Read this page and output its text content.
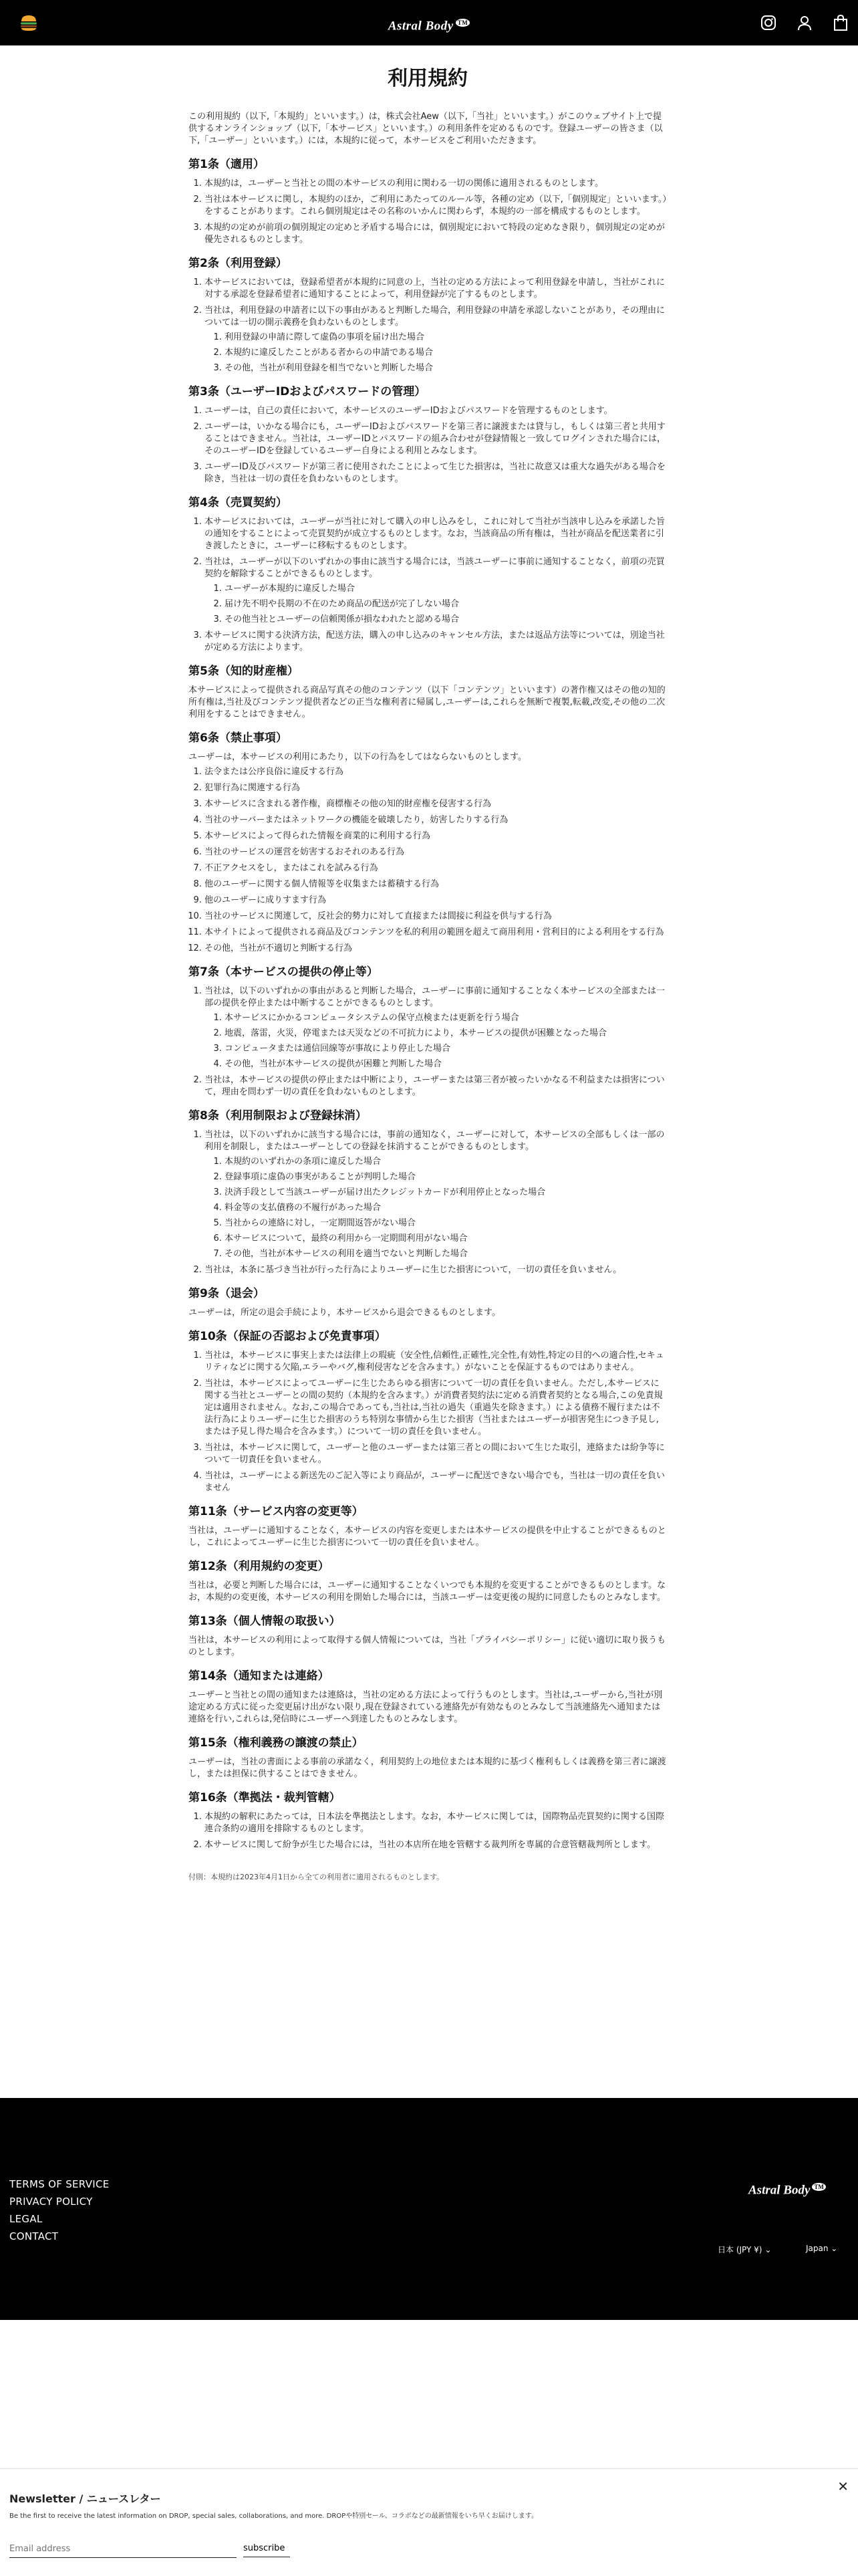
Astral Body ™
利用規約

この利用規約（以下,「本規約」といいます。）は，株式会社Aew（以下,「当社」といいます。）がこのウェブサイト上で提供するオンラインショップ（以下,「本サービス」といいます。）の利用条件を定めるものです。登録ユーザーの皆さま（以下,「ユーザー」といいます。）には，本規約に従って，本サービスをご利用いただきます。

第1条（適用）
1. 本規約は，ユーザーと当社との間の本サービスの利用に関わる一切の関係に適用されるものとします。
2. 当社は本サービスに関し，本規約のほか，ご利用にあたってのルール等，各種の定め（以下,「個別規定」といいます。）をすることがあります。これら個別規定はその名称のいかんに関わらず，本規約の一部を構成するものとします。
3. 本規約の定めが前項の個別規定の定めと矛盾する場合には，個別規定において特段の定めなき限り，個別規定の定めが優先されるものとします。
第2条（利用登録）
1. 本サービスにおいては，登録希望者が本規約に同意の上，当社の定める方法によって利用登録を申請し，当社がこれに対する承認を登録希望者に通知することによって，利用登録が完了するものとします。
2. 当社は，利用登録の申請者に以下の事由があると判断した場合，利用登録の申請を承認しないことがあり，その理由については一切の開示義務を負わないものとします。
1. 利用登録の申請に際して虚偽の事項を届け出た場合
2. 本規約に違反したことがある者からの申請である場合
3. その他，当社が利用登録を相当でないと判断した場合
第3条（ユーザーIDおよびパスワードの管理）
1. ユーザーは，自己の責任において，本サービスのユーザーIDおよびパスワードを管理するものとします。
2. ユーザーは，いかなる場合にも，ユーザーIDおよびパスワードを第三者に譲渡または貸与し，もしくは第三者と共用することはできません。当社は，ユーザーIDとパスワードの組み合わせが登録情報と一致してログインされた場合には，そのユーザーIDを登録しているユーザー自身による利用とみなします。
3. ユーザーID及びパスワードが第三者に使用されたことによって生じた損害は，当社に故意又は重大な過失がある場合を除き，当社は一切の責任を負わないものとします。
第4条（売買契約）
1. 本サービスにおいては，ユーザーが当社に対して購入の申し込みをし，これに対して当社が当該申し込みを承諾した旨の通知をすることによって売買契約が成立するものとします。なお，当該商品の所有権は，当社が商品を配送業者に引き渡したときに，ユーザーに移転するものとします。
2. 当社は，ユーザーが以下のいずれかの事由に該当する場合には，当該ユーザーに事前に通知することなく，前項の売買契約を解除することができるものとします。
1. ユーザーが本規約に違反した場合
2. 届け先不明や長期の不在のため商品の配送が完了しない場合
3. その他当社とユーザーの信頼関係が損なわれたと認める場合
3. 本サービスに関する決済方法，配送方法，購入の申し込みのキャンセル方法，または返品方法等については，別途当社が定める方法によります。
第5条（知的財産権）

本サービスによって提供される商品写真その他のコンテンツ（以下「コンテンツ」といいます）の著作権又はその他の知的所有権は,当社及びコンテンツ提供者などの正当な権利者に帰属し,ユーザーは,これらを無断で複製,転載,改変,その他の二次利用をすることはできません。

第6条（禁止事項）

ユーザーは，本サービスの利用にあたり，以下の行為をしてはならないものとします。

1. 法令または公序良俗に違反する行為
2. 犯罪行為に関連する行為
3. 本サービスに含まれる著作権，商標権その他の知的財産権を侵害する行為
4. 当社のサーバーまたはネットワークの機能を破壊したり，妨害したりする行為
5. 本サービスによって得られた情報を商業的に利用する行為
6. 当社のサービスの運営を妨害するおそれのある行為
7. 不正アクセスをし，またはこれを試みる行為
8. 他のユーザーに関する個人情報等を収集または蓄積する行為
9. 他のユーザーに成りすます行為
10. 当社のサービスに関連して，反社会的勢力に対して直接または間接に利益を供与する行為
11. 本サイトによって提供される商品及びコンテンツを私的利用の範囲を超えて商用利用・営利目的による利用をする行為
12. その他，当社が不適切と判断する行為
第7条（本サービスの提供の停止等）
1. 当社は，以下のいずれかの事由があると判断した場合，ユーザーに事前に通知することなく本サービスの全部または一部の提供を停止または中断することができるものとします。
1. 本サービスにかかるコンピュータシステムの保守点検または更新を行う場合
2. 地震，落雷，火災，停電または天災などの不可抗力により，本サービスの提供が困難となった場合
3. コンピュータまたは通信回線等が事故により停止した場合
4. その他，当社が本サービスの提供が困難と判断した場合
2. 当社は，本サービスの提供の停止または中断により，ユーザーまたは第三者が被ったいかなる不利益または損害について，理由を問わず一切の責任を負わないものとします。
第8条（利用制限および登録抹消）
1. 当社は，以下のいずれかに該当する場合には，事前の通知なく，ユーザーに対して，本サービスの全部もしくは一部の利用を制限し，またはユーザーとしての登録を抹消することができるものとします。
1. 本規約のいずれかの条項に違反した場合
2. 登録事項に虚偽の事実があることが判明した場合
3. 決済手段として当該ユーザーが届け出たクレジットカードが利用停止となった場合
4. 料金等の支払債務の不履行があった場合
5. 当社からの連絡に対し，一定期間返答がない場合
6. 本サービスについて，最終の利用から一定期間利用がない場合
7. その他，当社が本サービスの利用を適当でないと判断した場合
2. 当社は，本条に基づき当社が行った行為によりユーザーに生じた損害について，一切の責任を負いません。
第9条（退会）

ユーザーは，所定の退会手続により，本サービスから退会できるものとします。

第10条（保証の否認および免責事項）
1. 当社は，本サービスに事実上または法律上の瑕疵（安全性,信頼性,正確性,完全性,有効性,特定の目的への適合性,セキュリティなどに関する欠陥,エラーやバグ,権利侵害などを含みます。）がないことを保証するものではありません。
2. 当社は，本サービスによってユーザーに生じたあらゆる損害について一切の責任を負いません。ただし,本サービスに関する当社とユーザーとの間の契約（本規約を含みます。）が消費者契約法に定める消費者契約となる場合,この免責規定は適用されません。なお,この場合であっても,当社は,当社の過失（重過失を除きます。）による債務不履行または不法行為によりユーザーに生じた損害のうち特別な事情から生じた損害（当社またはユーザーが損害発生につき予見し,または予見し得た場合を含みます。）について一切の責任を負いません。
3. 当社は，本サービスに関して，ユーザーと他のユーザーまたは第三者との間において生じた取引，連絡または紛争等について一切責任を負いません。
4. 当社は，ユーザーによる新送先のご記入等により商品が，ユーザーに配送できない場合でも，当社は一切の責任を負いません
第11条（サービス内容の変更等）

当社は，ユーザーに通知することなく，本サービスの内容を変更しまたは本サービスの提供を中止することができるものとし，これによってユーザーに生じた損害について一切の責任を負いません。

第12条（利用規約の変更）

当社は，必要と判断した場合には，ユーザーに通知することなくいつでも本規約を変更することができるものとします。なお，本規約の変更後，本サービスの利用を開始した場合には，当該ユーザーは変更後の規約に同意したものとみなします。

第13条（個人情報の取扱い）

当社は，本サービスの利用によって取得する個人情報については，当社「プライバシーポリシー」に従い適切に取り扱うものとします。

第14条（通知または連絡）

ユーザーと当社との間の通知または連絡は，当社の定める方法によって行うものとします。当社は,ユーザーから,当社が別途定める方式に従った変更届け出がない限り,現在登録されている連絡先が有効なものとみなして当該連絡先へ通知または連絡を行い,これらは,発信時にユーザーへ到達したものとみなします。

第15条（権利義務の譲渡の禁止）

ユーザーは，当社の書面による事前の承諾なく，利用契約上の地位または本規約に基づく権利もしくは義務を第三者に譲渡し，または担保に供することはできません。

第16条（準拠法・裁判管轄）
1. 本規約の解釈にあたっては，日本法を準拠法とします。なお，本サービスに関しては，国際物品売買契約に関する国際連合条約の適用を排除するものとします。
2. 本サービスに関して紛争が生じた場合には，当社の本店所在地を管轄する裁判所を専属的合意管轄裁判所とします。

付則：本規約は2023年4月1日から全ての利用者に適用されるものとします。

TERMS OF SERVICE
PRIVACY POLICY
LEGAL
CONTACT
Astral Body ™
日本 (JPY ¥) ⌄	Japan ⌄
✕
Newsletter / ニュースレター
Be the first to receive the latest information on DROP, special sales, collaborations, and more. DROPや特別セール、コラボなどの最新情報をいち早くお届けします。
Email address
subscribe
